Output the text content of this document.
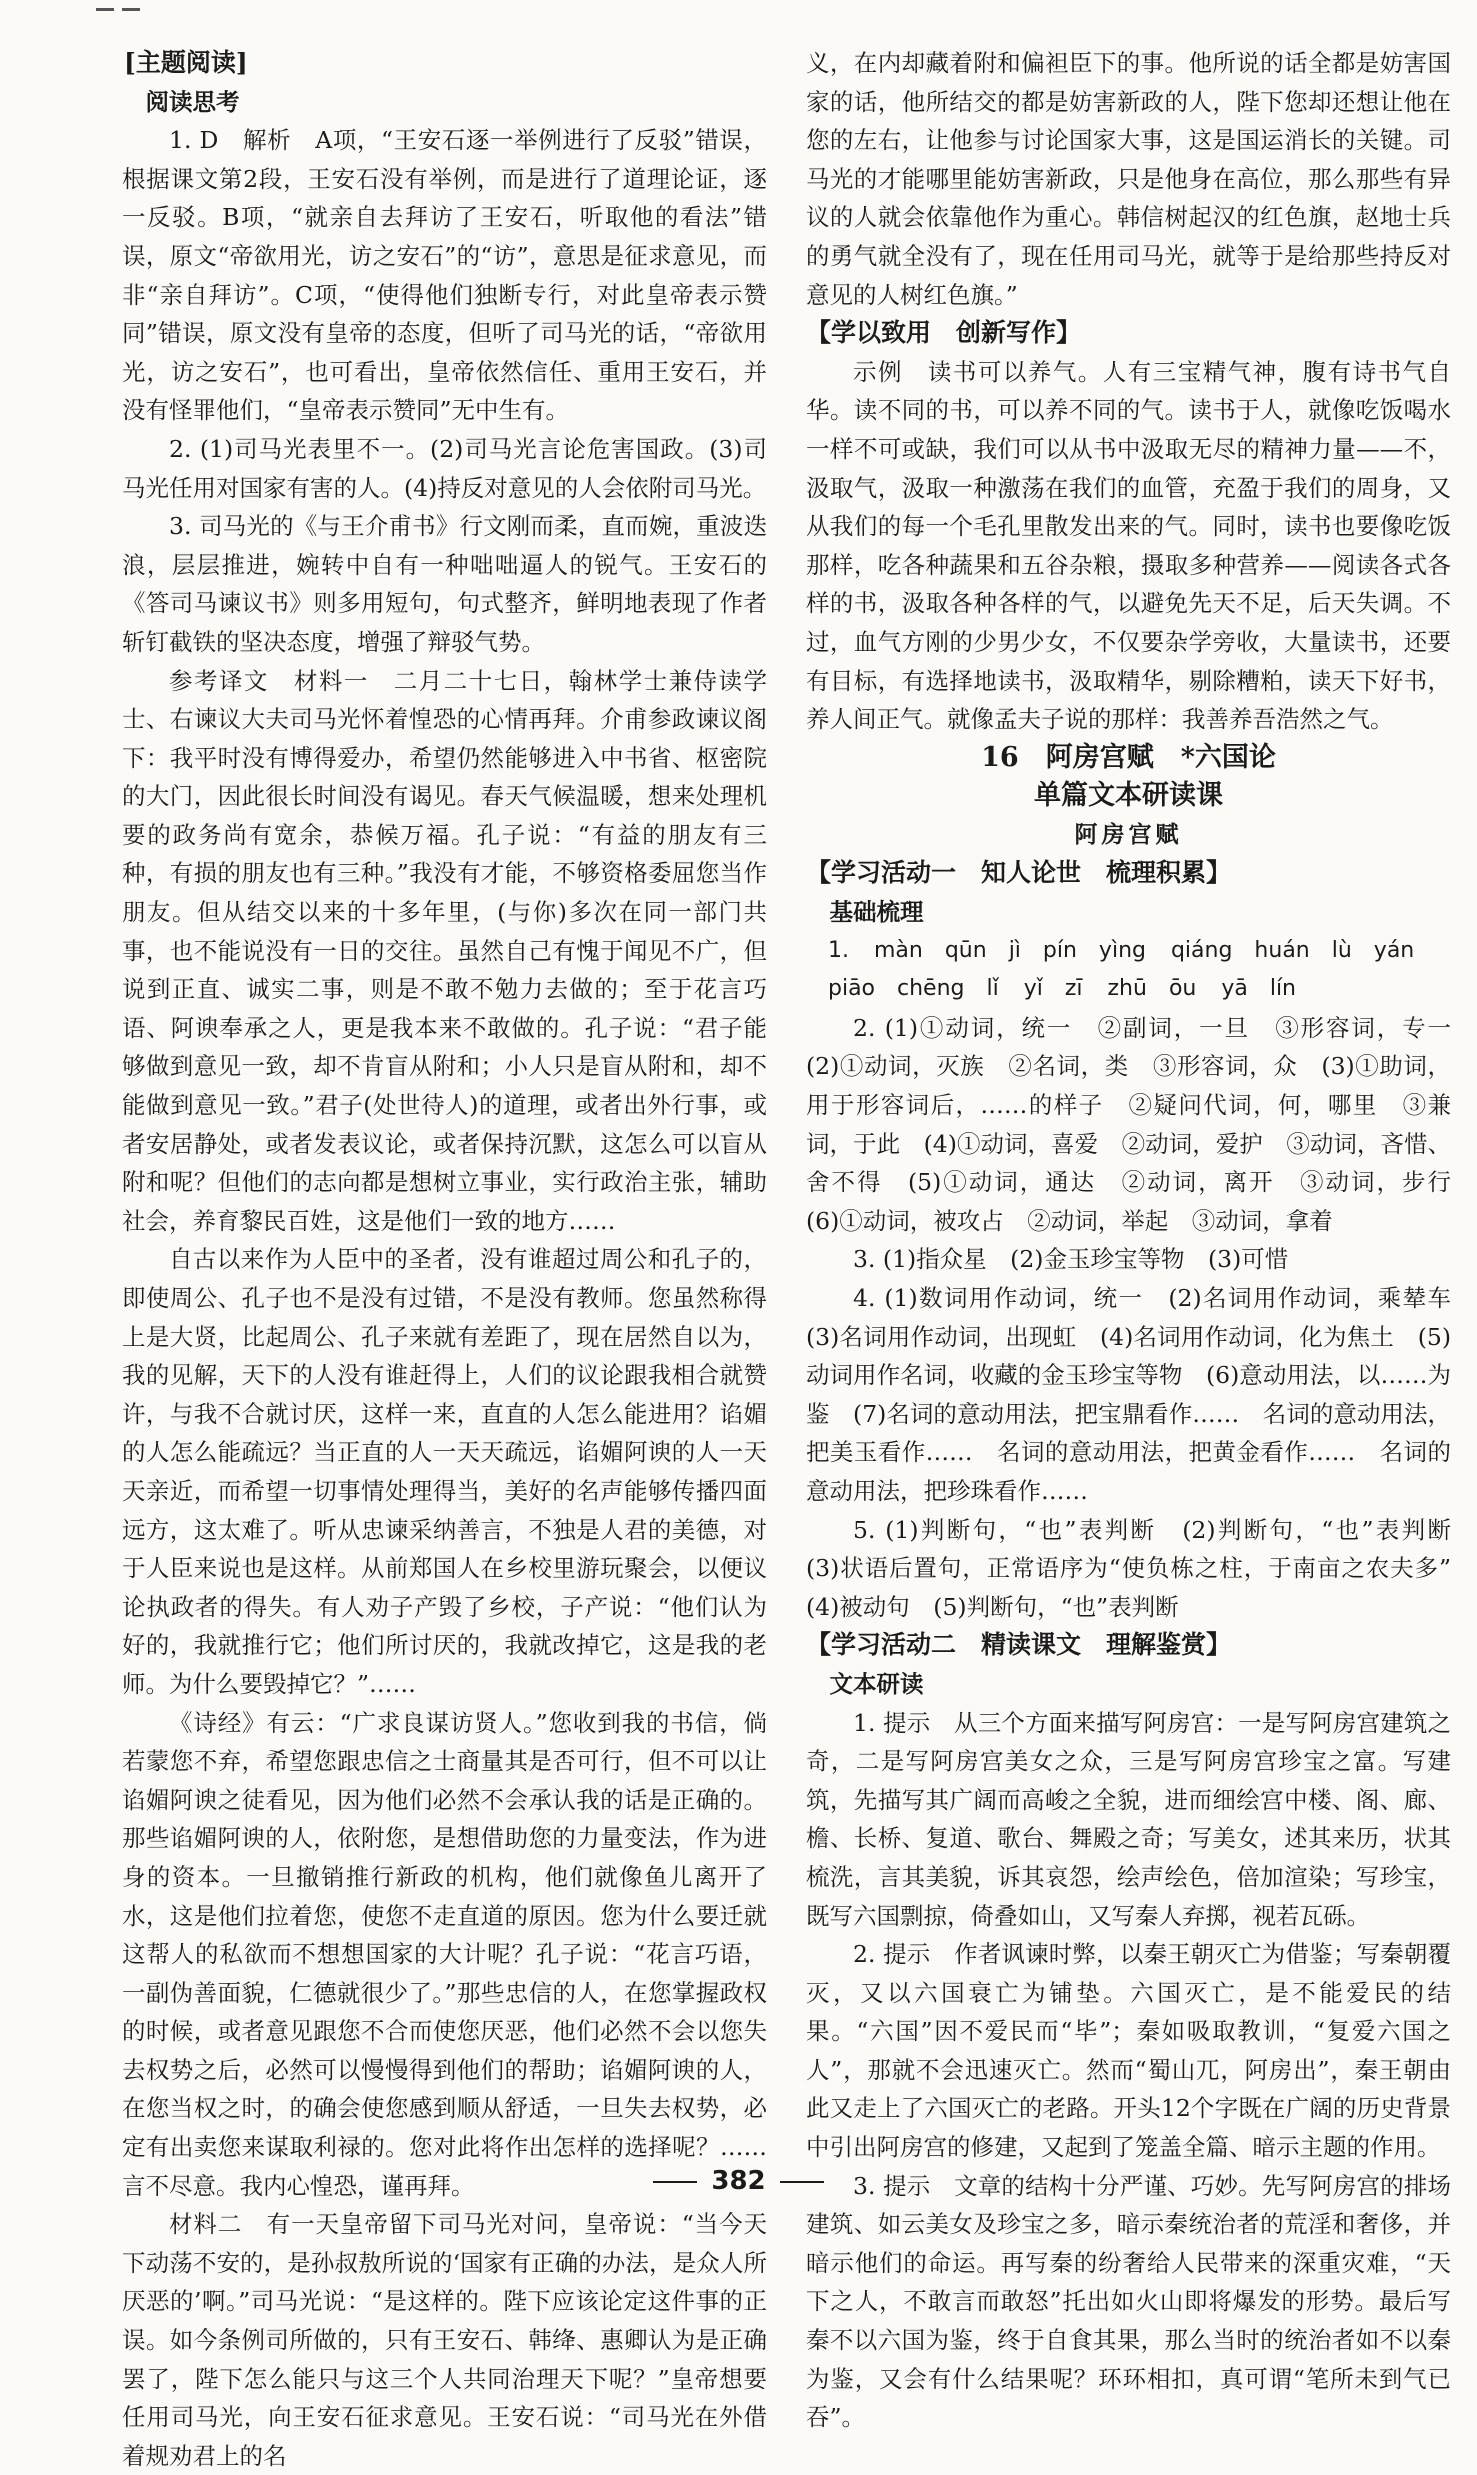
[主题阅读]

阅读思考

1. D　解析　A项，“王安石逐一举例进行了反驳”错误，根据课文第2段，王安石没有举例，而是进行了道理论证，逐一反驳。B项，“就亲自去拜访了王安石，听取他的看法”错误，原文“帝欲用光，访之安石”的“访”，意思是征求意见，而非“亲自拜访”。C项，“使得他们独断专行，对此皇帝表示赞同”错误，原文没有皇帝的态度，但听了司马光的话，“帝欲用光，访之安石”，也可看出，皇帝依然信任、重用王安石，并没有怪罪他们，“皇帝表示赞同”无中生有。

2. (1)司马光表里不一。(2)司马光言论危害国政。(3)司马光任用对国家有害的人。(4)持反对意见的人会依附司马光。

3. 司马光的《与王介甫书》行文刚而柔，直而婉，重波迭浪，层层推进，婉转中自有一种咄咄逼人的锐气。王安石的《答司马谏议书》则多用短句，句式整齐，鲜明地表现了作者斩钉截铁的坚决态度，增强了辩驳气势。

参考译文　材料一　二月二十七日，翰林学士兼侍读学士、右谏议大夫司马光怀着惶恐的心情再拜。介甫参政谏议阁下：我平时没有博得爱办，希望仍然能够进入中书省、枢密院的大门，因此很长时间没有谒见。春天气候温暖，想来处理机要的政务尚有宽余，恭候万福。孔子说：“有益的朋友有三种，有损的朋友也有三种。”我没有才能，不够资格委屈您当作朋友。但从结交以来的十多年里，(与你)多次在同一部门共事，也不能说没有一日的交往。虽然自己有愧于闻见不广，但说到正直、诚实二事，则是不敢不勉力去做的；至于花言巧语、阿谀奉承之人，更是我本来不敢做的。孔子说：“君子能够做到意见一致，却不肯盲从附和；小人只是盲从附和，却不能做到意见一致。”君子(处世待人)的道理，或者出外行事，或者安居静处，或者发表议论，或者保持沉默，这怎么可以盲从附和呢？但他们的志向都是想树立事业，实行政治主张，辅助社会，养育黎民百姓，这是他们一致的地方……

自古以来作为人臣中的圣者，没有谁超过周公和孔子的，即使周公、孔子也不是没有过错，不是没有教师。您虽然称得上是大贤，比起周公、孔子来就有差距了，现在居然自以为，我的见解，天下的人没有谁赶得上，人们的议论跟我相合就赞许，与我不合就讨厌，这样一来，直直的人怎么能进用？谄媚的人怎么能疏远？当正直的人一天天疏远，谄媚阿谀的人一天天亲近，而希望一切事情处理得当，美好的名声能够传播四面远方，这太难了。听从忠谏采纳善言，不独是人君的美德，对于人臣来说也是这样。从前郑国人在乡校里游玩聚会，以便议论执政者的得失。有人劝子产毁了乡校，子产说：“他们认为好的，我就推行它；他们所讨厌的，我就改掉它，这是我的老师。为什么要毁掉它？”……

《诗经》有云：“广求良谋访贤人。”您收到我的书信，倘若蒙您不弃，希望您跟忠信之士商量其是否可行，但不可以让谄媚阿谀之徒看见，因为他们必然不会承认我的话是正确的。那些谄媚阿谀的人，依附您，是想借助您的力量变法，作为进身的资本。一旦撤销推行新政的机构，他们就像鱼儿离开了水，这是他们拉着您，使您不走直道的原因。您为什么要迁就这帮人的私欲而不想想国家的大计呢？孔子说：“花言巧语，一副伪善面貌，仁德就很少了。”那些忠信的人，在您掌握政权的时候，或者意见跟您不合而使您厌恶，他们必然不会以您失去权势之后，必然可以慢慢得到他们的帮助；谄媚阿谀的人，在您当权之时，的确会使您感到顺从舒适，一旦失去权势，必定有出卖您来谋取利禄的。您对此将作出怎样的选择呢？……言不尽意。我内心惶恐，谨再拜。

材料二　有一天皇帝留下司马光对问，皇帝说：“当今天下动荡不安的，是孙叔敖所说的‘国家有正确的办法，是众人所厌恶的’啊。”司马光说：“是这样的。陛下应该论定这件事的正误。如今条例司所做的，只有王安石、韩绛、惠卿认为是正确罢了，陛下怎么能只与这三个人共同治理天下呢？”皇帝想要任用司马光，向王安石征求意见。王安石说：“司马光在外借着规劝君上的名

义，在内却藏着附和偏袒臣下的事。他所说的话全都是妨害国家的话，他所结交的都是妨害新政的人，陛下您却还想让他在您的左右，让他参与讨论国家大事，这是国运消长的关键。司马光的才能哪里能妨害新政，只是他身在高位，那么那些有异议的人就会依靠他作为重心。韩信树起汉的红色旗，赵地士兵的勇气就全没有了，现在任用司马光，就等于是给那些持反对意见的人树红色旗。”

【学以致用　创新写作】

示例　读书可以养气。人有三宝精气神，腹有诗书气自华。读不同的书，可以养不同的气。读书于人，就像吃饭喝水一样不可或缺，我们可以从书中汲取无尽的精神力量——不，汲取气，汲取一种激荡在我们的血管，充盈于我们的周身，又从我们的每一个毛孔里散发出来的气。同时，读书也要像吃饭那样，吃各种蔬果和五谷杂粮，摄取多种营养——阅读各式各样的书，汲取各种各样的气，以避免先天不足，后天失调。不过，血气方刚的少男少女，不仅要杂学旁收，大量读书，还要有目标，有选择地读书，汲取精华，剔除糟粕，读天下好书，养人间正气。就像孟夫子说的那样：我善养吾浩然之气。

16　阿房宫赋　*六国论

单篇文本研读课

阿房宫赋

【学习活动一　知人论世　梳理积累】

基础梳理

1. màn　qūn　jì　pín　yìng qiáng　huán　lù　yán

piāo　chēng　lǐ yǐ　zī zhū　ōu yā　lín

2. (1)①动词，统一　②副词，一旦　③形容词，专一　(2)①动词，灭族　②名词，类　③形容词，众　(3)①助词，用于形容词后，……的样子　②疑问代词，何，哪里　③兼词，于此　(4)①动词，喜爱　②动词，爱护　③动词，吝惜、舍不得　(5)①动词，通达　②动词，离开　③动词，步行　(6)①动词，被攻占　②动词，举起　③动词，拿着

3. (1)指众星　(2)金玉珍宝等物　(3)可惜

4. (1)数词用作动词，统一　(2)名词用作动词，乘辇车　(3)名词用作动词，出现虹　(4)名词用作动词，化为焦土　(5)动词用作名词，收藏的金玉珍宝等物　(6)意动用法，以……为鉴　(7)名词的意动用法，把宝鼎看作……　名词的意动用法，把美玉看作……　名词的意动用法，把黄金看作……　名词的意动用法，把珍珠看作……

5. (1)判断句，“也”表判断　(2)判断句，“也”表判断　(3)状语后置句，正常语序为“使负栋之柱，于南亩之农夫多”　(4)被动句　(5)判断句，“也”表判断

【学习活动二　精读课文　理解鉴赏】

文本研读

1. 提示　从三个方面来描写阿房宫：一是写阿房宫建筑之奇，二是写阿房宫美女之众，三是写阿房宫珍宝之富。写建筑，先描写其广阔而高峻之全貌，进而细绘宫中楼、阁、廊、檐、长桥、复道、歌台、舞殿之奇；写美女，述其来历，状其梳洗，言其美貌，诉其哀怨，绘声绘色，倍加渲染；写珍宝，既写六国剽掠，倚叠如山，又写秦人弃掷，视若瓦砾。

2. 提示　作者讽谏时弊，以秦王朝灭亡为借鉴；写秦朝覆灭，又以六国衰亡为铺垫。六国灭亡，是不能爱民的结果。“六国”因不爱民而“毕”；秦如吸取教训，“复爱六国之人”，那就不会迅速灭亡。然而“蜀山兀，阿房出”，秦王朝由此又走上了六国灭亡的老路。开头12个字既在广阔的历史背景中引出阿房宫的修建，又起到了笼盖全篇、暗示主题的作用。

3. 提示　文章的结构十分严谨、巧妙。先写阿房宫的排场建筑、如云美女及珍宝之多，暗示秦统治者的荒淫和奢侈，并暗示他们的命运。再写秦的纷奢给人民带来的深重灾难，“天下之人，不敢言而敢怒”托出如火山即将爆发的形势。最后写秦不以六国为鉴，终于自食其果，那么当时的统治者如不以秦为鉴，又会有什么结果呢？环环相扣，真可谓“笔所未到气已吞”。

382
